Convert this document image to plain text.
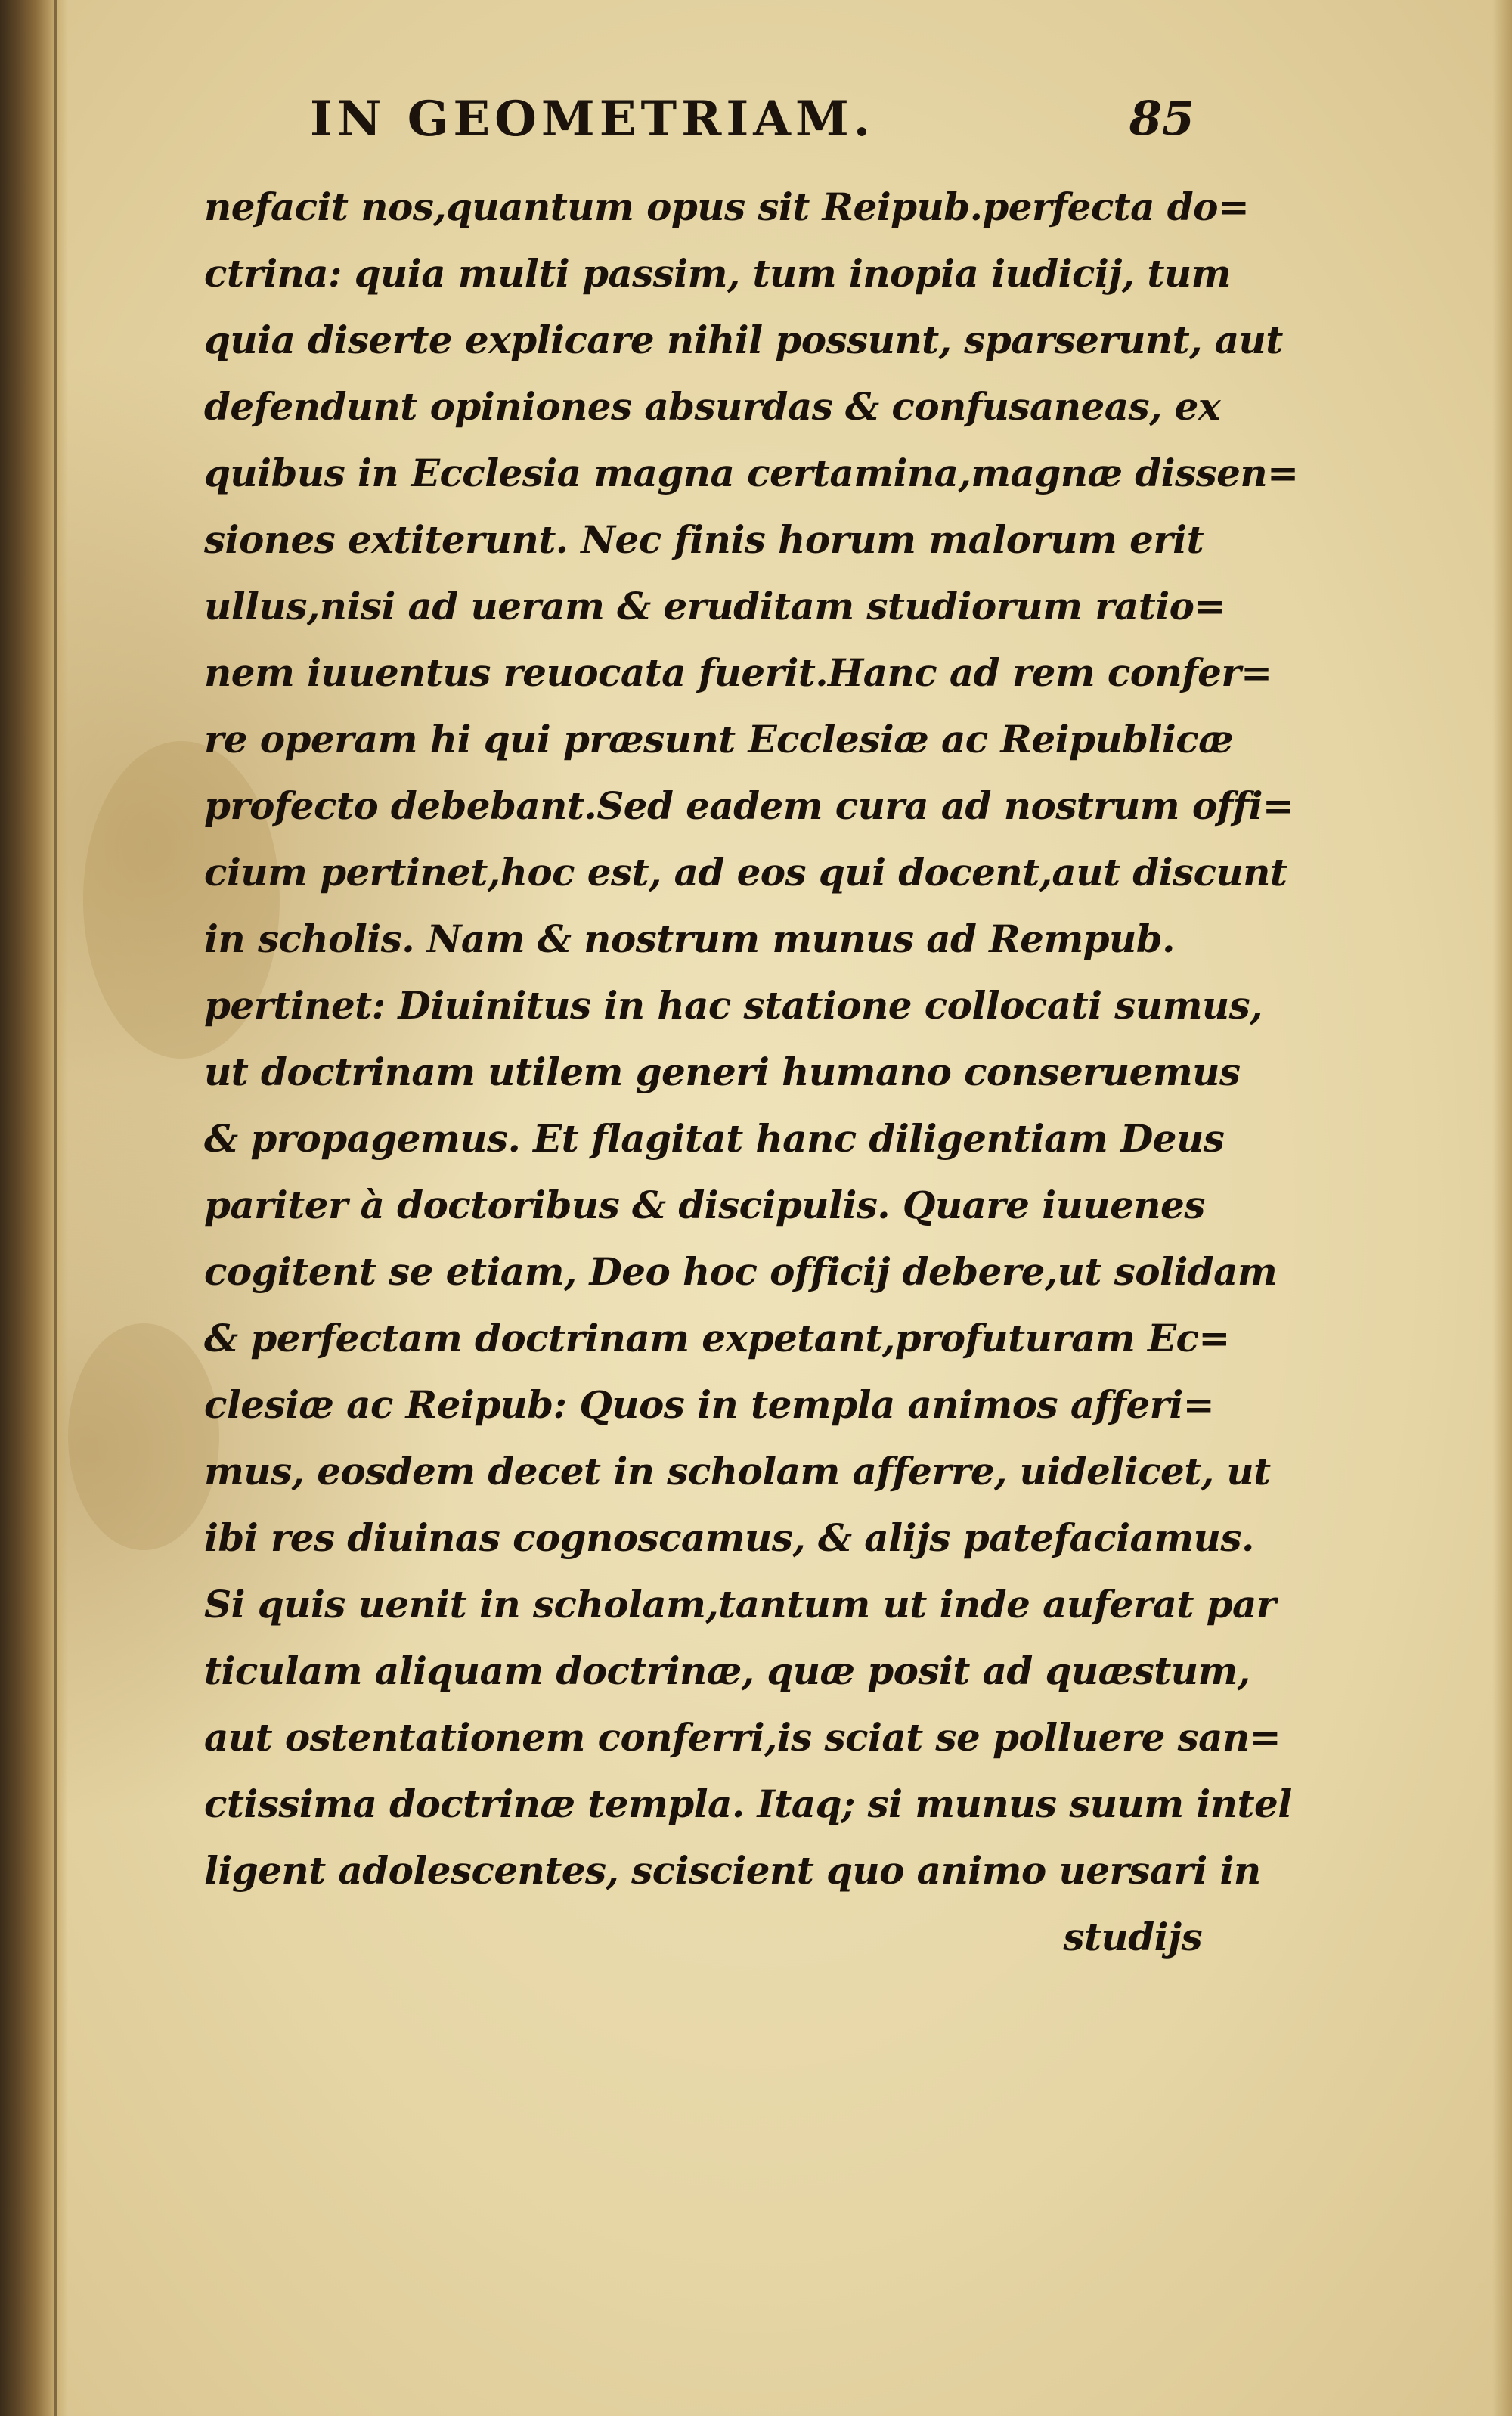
IN GEOMETRIAM.	85
nefacit nos,quantum opus sit Reipub.perfecta do=
ctrina: quia multi passim, tum inopia iudicij, tum
quia diserte explicare nihil possunt, sparserunt, aut
defendunt opiniones absurdas & confusaneas, ex
quibus in Ecclesia magna certamina,magnæ dissen=
siones extiterunt. Nec finis horum malorum erit
ullus,nisi ad ueram & eruditam studiorum ratio=
nem iuuentus reuocata fuerit.Hanc ad rem confer=
re operam hi qui præsunt Ecclesiæ ac Reipublicæ
profecto debebant.Sed eadem cura ad nostrum offi=
cium pertinet,hoc est, ad eos qui docent,aut discunt
in scholis. Nam & nostrum munus ad Rempub.
pertinet: Diuinitus in hac statione collocati sumus,
ut doctrinam utilem generi humano conseruemus
& propagemus. Et flagitat hanc diligentiam Deus
pariter à doctoribus & discipulis. Quare iuuenes
cogitent se etiam, Deo hoc officij debere,ut solidam
& perfectam doctrinam expetant,profuturam Ec=
clesiæ ac Reipub: Quos in templa animos afferi=
mus, eosdem decet in scholam afferre, uidelicet, ut
ibi res diuinas cognoscamus, & alijs patefaciamus.
Si quis uenit in scholam,tantum ut inde auferat par
ticulam aliquam doctrinæ, quæ posit ad quæstum,
aut ostentationem conferri,is sciat se polluere san=
ctissima doctrinæ templa. Itaq; si munus suum intel
ligent adolescentes, sciscient quo animo uersari in
studijs
